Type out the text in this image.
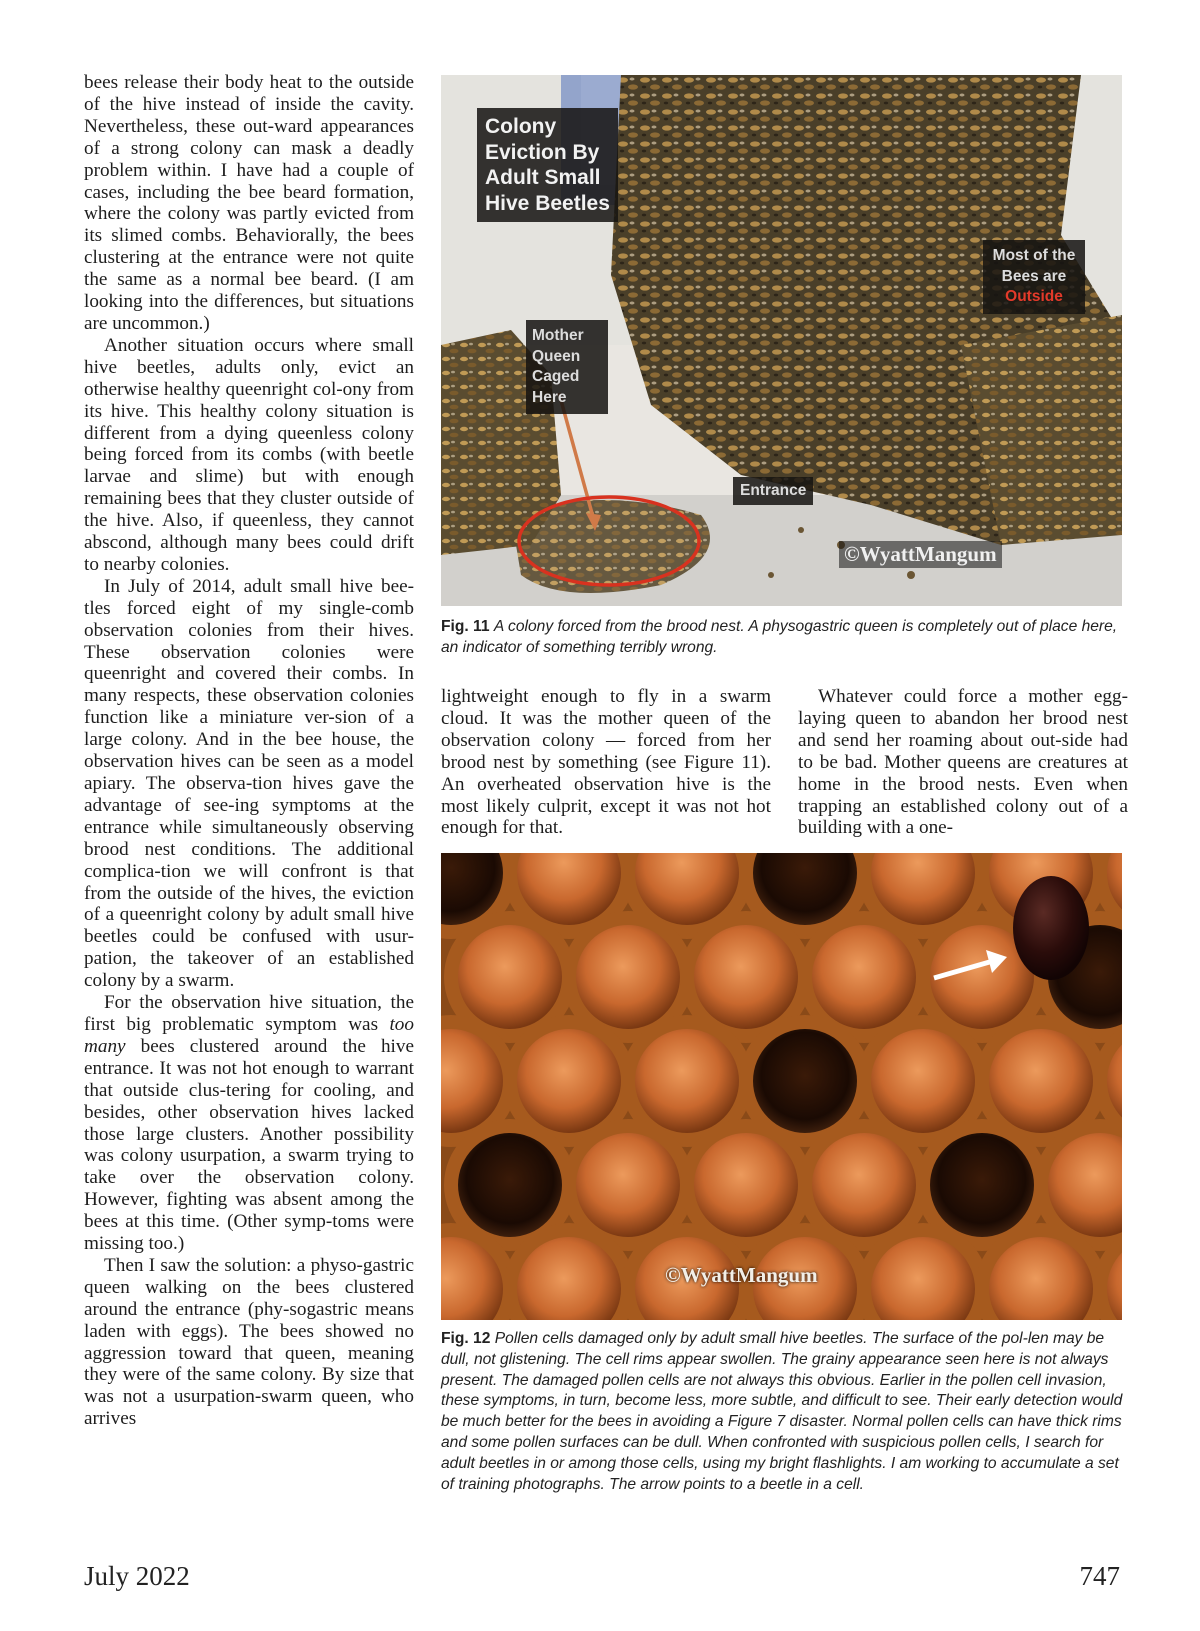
bees release their body heat to the outside of the hive instead of inside the cavity. Nevertheless, these out-ward appearances of a strong colony can mask a deadly problem within. I have had a couple of cases, including the bee beard formation, where the colony was partly evicted from its slimed combs. Behaviorally, the bees clustering at the entrance were not quite the same as a normal bee beard. (I am looking into the differences, but situations are uncommon.)

Another situation occurs where small hive beetles, adults only, evict an otherwise healthy queenright col-ony from its hive. This healthy colony situation is different from a dying queenless colony being forced from its combs (with beetle larvae and slime) but with enough remaining bees that they cluster outside of the hive. Also, if queenless, they cannot abscond, although many bees could drift to nearby colonies.

In July of 2014, adult small hive bee-tles forced eight of my single-comb observation colonies from their hives. These observation colonies were queenright and covered their combs. In many respects, these observation colonies function like a miniature ver-sion of a large colony. And in the bee house, the observation hives can be seen as a model apiary. The observa-tion hives gave the advantage of see-ing symptoms at the entrance while simultaneously observing brood nest conditions. The additional complica-tion we will confront is that from the outside of the hives, the eviction of a queenright colony by adult small hive beetles could be confused with usur-pation, the takeover of an established colony by a swarm.

For the observation hive situation, the first big problematic symptom was too many bees clustered around the hive entrance. It was not hot enough to warrant that outside clus-tering for cooling, and besides, other observation hives lacked those large clusters. Another possibility was colony usurpation, a swarm trying to take over the observation colony. However, fighting was absent among the bees at this time. (Other symp-toms were missing too.)

Then I saw the solution: a physo-gastric queen walking on the bees clustered around the entrance (phy-sogastric means laden with eggs). The bees showed no aggression toward that queen, meaning they were of the same colony. By size that was not a usurpation-swarm queen, who arrives

Colony Eviction By Adult Small Hive Beetles
Mother Queen Caged Here
Most of the Bees are
Outside
Entrance
©WyattMangum
Fig. 11 A colony forced from the brood nest. A physogastric queen is completely out of place here, an indicator of something terribly wrong.

lightweight enough to fly in a swarm cloud. It was the mother queen of the observation colony — forced from her brood nest by something (see Figure 11). An overheated observation hive is the most likely culprit, except it was not hot enough for that.

Whatever could force a mother egg-laying queen to abandon her brood nest and send her roaming about out-side had to be bad. Mother queens are creatures at home in the brood nests. Even when trapping an established colony out of a building with a one-

©WyattMangum
Fig. 12 Pollen cells damaged only by adult small hive beetles. The surface of the pol-len may be dull, not glistening. The cell rims appear swollen. The grainy appearance seen here is not always present. The damaged pollen cells are not always this obvious. Earlier in the pollen cell invasion, these symptoms, in turn, become less, more subtle, and difficult to see. Their early detection would be much better for the bees in avoiding a Figure 7 disaster. Normal pollen cells can have thick rims and some pollen surfaces can be dull. When confronted with suspicious pollen cells, I search for adult beetles in or among those cells, using my bright flashlights. I am working to accumulate a set of training photographs. The arrow points to a beetle in a cell.
July 2022	747
